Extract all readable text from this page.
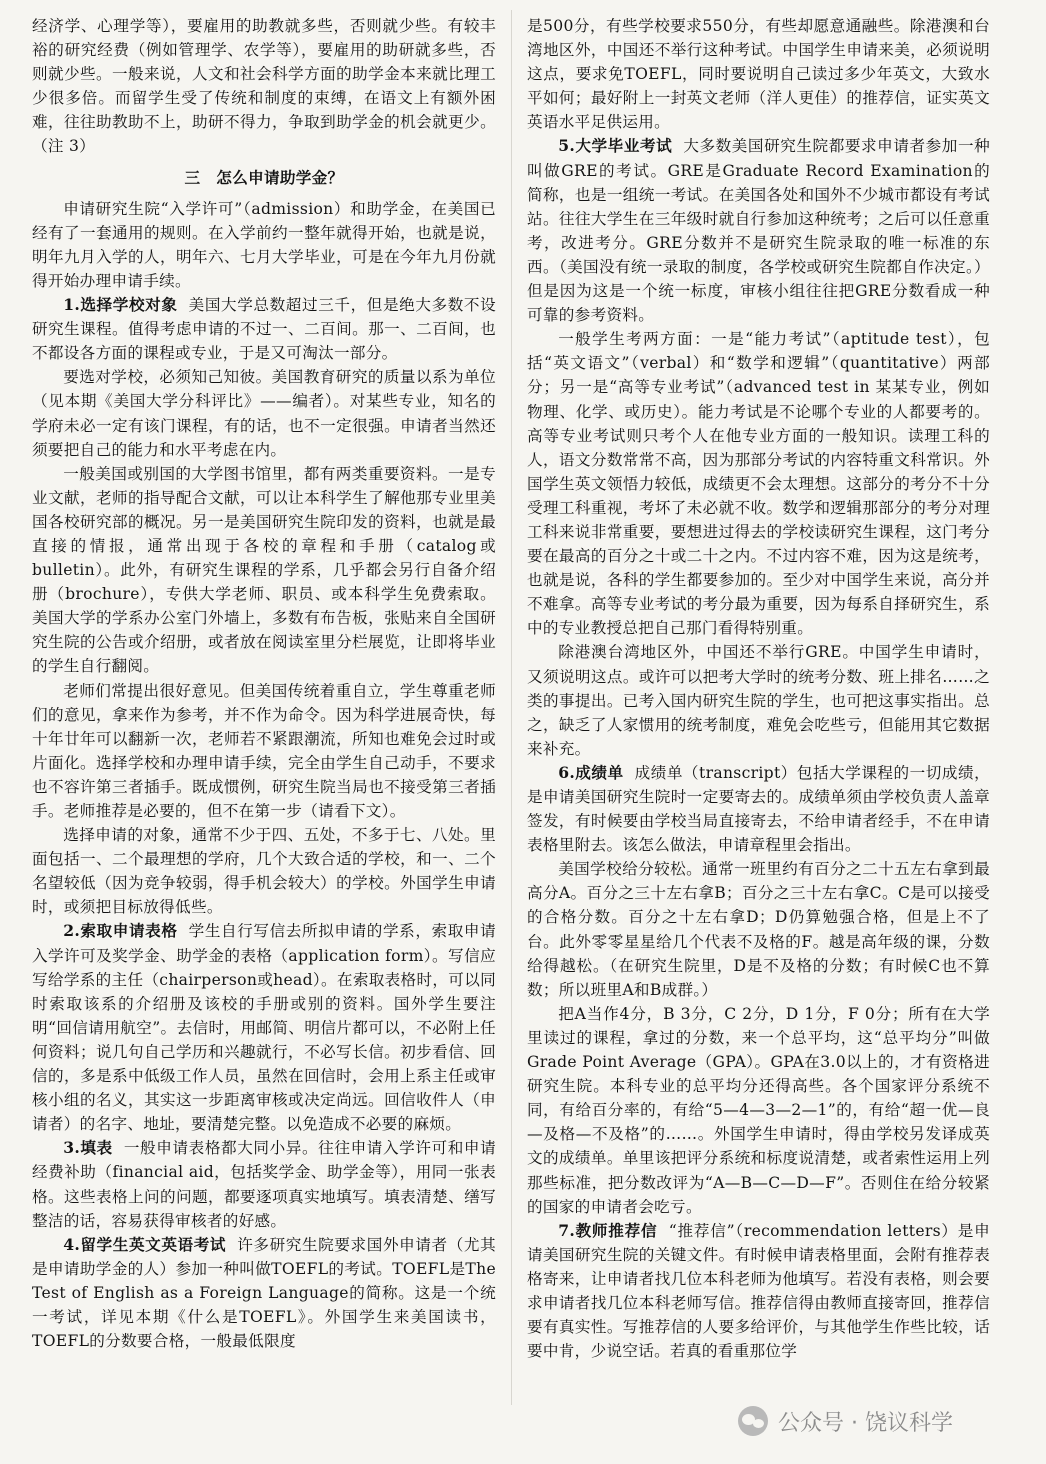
经济学、心理学等），要雇用的助教就多些，否则就少些。有较丰裕的研究经费（例如管理学、农学等），要雇用的助研就多些，否则就少些。一般来说，人文和社会科学方面的助学金本来就比理工少很多倍。而留学生受了传统和制度的束缚，在语文上有额外困难，往往助教助不上，助研不得力，争取到助学金的机会就更少。（注 3）

三　怎么申请助学金？

申请研究生院“入学许可”（admission）和助学金，在美国已经有了一套通用的规则。在入学前约一整年就得开始，也就是说，明年九月入学的人，明年六、七月大学毕业，可是在今年九月份就得开始办理申请手续。

1.选择学校对象 美国大学总数超过三千，但是绝大多数不设研究生课程。值得考虑申请的不过一、二百间。那一、二百间，也不都设各方面的课程或专业，于是又可淘汰一部分。

要选对学校，必须知己知彼。美国教育研究的质量以系为单位（见本期《美国大学分科评比》——编者）。对某些专业，知名的学府未必一定有该门课程，有的话，也不一定很强。申请者当然还须要把自己的能力和水平考虑在内。

一般美国或别国的大学图书馆里，都有两类重要资料。一是专业文献，老师的指导配合文献，可以让本科学生了解他那专业里美国各校研究部的概况。另一是美国研究生院印发的资料，也就是最直接的情报，通常出现于各校的章程和手册（catalog或bulletin）。此外，有研究生课程的学系，几乎都会另行自备介绍册（brochure），专供大学老师、职员、或本科学生免费索取。美国大学的学系办公室门外墙上，多数有布告板，张贴来自全国研究生院的公告或介绍册，或者放在阅读室里分栏展览，让即将毕业的学生自行翻阅。

老师们常提出很好意见。但美国传统着重自立，学生尊重老师们的意见，拿来作为参考，并不作为命令。因为科学进展奇快，每十年廿年可以翻新一次，老师若不紧跟潮流，所知也难免会过时或片面化。选择学校和办理申请手续，完全由学生自己动手，不要求也不容许第三者插手。既成惯例，研究生院当局也不接受第三者插手。老师推荐是必要的，但不在第一步（请看下文）。

选择申请的对象，通常不少于四、五处，不多于七、八处。里面包括一、二个最理想的学府，几个大致合适的学校，和一、二个名望较低（因为竞争较弱，得手机会较大）的学校。外国学生申请时，或须把目标放得低些。

2.索取申请表格 学生自行写信去所拟申请的学系，索取申请入学许可及奖学金、助学金的表格（application form）。写信应写给学系的主任（chairperson或head）。在索取表格时，可以同时索取该系的介绍册及该校的手册或别的资料。国外学生要注明“回信请用航空”。去信时，用邮简、明信片都可以，不必附上任何资料；说几句自己学历和兴趣就行，不必写长信。初步看信、回信的，多是系中低级工作人员，虽然在回信时，会用上系主任或审核小组的名义，其实这一步距离审核或决定尚远。回信收件人（申请者）的名字、地址，要清楚完整。以免造成不必要的麻烦。

3.填表 一般申请表格都大同小异。往往申请入学许可和申请经费补助（financial aid，包括奖学金、助学金等），用同一张表格。这些表格上问的问题，都要逐项真实地填写。填表清楚、缮写整洁的话，容易获得审核者的好感。

4.留学生英文英语考试 许多研究生院要求国外申请者（尤其是申请助学金的人）参加一种叫做TOEFL的考试。TOEFL是The Test of English as a Foreign Language的简称。这是一个统一考试，详见本期《什么是TOEFL》。外国学生来美国读书，TOEFL的分数要合格，一般最低限度

是500分，有些学校要求550分，有些却愿意通融些。除港澳和台湾地区外，中国还不举行这种考试。中国学生申请来美，必须说明这点，要求免TOEFL，同时要说明自己读过多少年英文，大致水平如何；最好附上一封英文老师（洋人更佳）的推荐信，证实英文英语水平足供运用。

5.大学毕业考试 大多数美国研究生院都要求申请者参加一种叫做GRE的考试。GRE是Graduate Record Examination的简称，也是一组统一考试。在美国各处和国外不少城市都设有考试站。往往大学生在三年级时就自行参加这种统考；之后可以任意重考，改进考分。GRE分数并不是研究生院录取的唯一标准的东西。（美国没有统一录取的制度，各学校或研究生院都自作决定。）但是因为这是一个统一标度，审核小组往往把GRE分数看成一种可靠的参考资料。

一般学生考两方面：一是“能力考试”（aptitude test），包括“英文语文”（verbal）和“数学和逻辑”（quantitative）两部分；另一是“高等专业考试”（advanced test in 某某专业，例如物理、化学、或历史）。能力考试是不论哪个专业的人都要考的。高等专业考试则只考个人在他专业方面的一般知识。读理工科的人，语文分数常常不高，因为那部分考试的内容特重文科常识。外国学生英文领悟力较低，成绩更不会太理想。这部分的考分不十分受理工科重视，考坏了未必就不收。数学和逻辑那部分的考分对理工科来说非常重要，要想进过得去的学校读研究生课程，这门考分要在最高的百分之十或二十之内。不过内容不难，因为这是统考，也就是说，各科的学生都要参加的。至少对中国学生来说，高分并不难拿。高等专业考试的考分最为重要，因为每系自择研究生，系中的专业教授总把自己那门看得特别重。

除港澳台湾地区外，中国还不举行GRE。中国学生申请时，又须说明这点。或许可以把考大学时的统考分数、班上排名……之类的事提出。已考入国内研究生院的学生，也可把这事实指出。总之，缺乏了人家惯用的统考制度，难免会吃些亏，但能用其它数据来补充。

6.成绩单 成绩单（transcript）包括大学课程的一切成绩，是申请美国研究生院时一定要寄去的。成绩单须由学校负责人盖章签发，有时候要由学校当局直接寄去，不给申请者经手，不在申请表格里附去。该怎么做法，申请章程里会指出。

美国学校给分较松。通常一班里约有百分之二十五左右拿到最高分A。百分之三十左右拿B；百分之三十左右拿C。C是可以接受的合格分数。百分之十左右拿D；D仍算勉强合格，但是上不了台。此外零零星星给几个代表不及格的F。越是高年级的课，分数给得越松。（在研究生院里，D是不及格的分数；有时候C也不算数；所以班里A和B成群。）

把A当作4分，B 3分，C 2分，D 1分，F 0分；所有在大学里读过的课程，拿过的分数，来一个总平均，这“总平均分”叫做Grade Point Average（GPA）。GPA在3.0以上的，才有资格进研究生院。本科专业的总平均分还得高些。各个国家评分系统不同，有给百分率的，有给“5—4—3—2—1”的，有给“超一优—良—及格—不及格”的……。外国学生申请时，得由学校另发译成英文的成绩单。单里该把评分系统和标度说清楚，或者索性运用上列那些标准，把分数改评为“A—B—C—D—F”。否则住在给分较紧的国家的申请者会吃亏。

7.教师推荐信 “推荐信”（recommendation letters）是申请美国研究生院的关键文件。有时候申请表格里面，会附有推荐表格寄来，让申请者找几位本科老师为他填写。若没有表格，则会要求申请者找几位本科老师写信。推荐信得由教师直接寄回，推荐信要有真实性。写推荐信的人要多给评价，与其他学生作些比较，话要中肯，少说空话。若真的看重那位学

公众号 · 饶议科学
